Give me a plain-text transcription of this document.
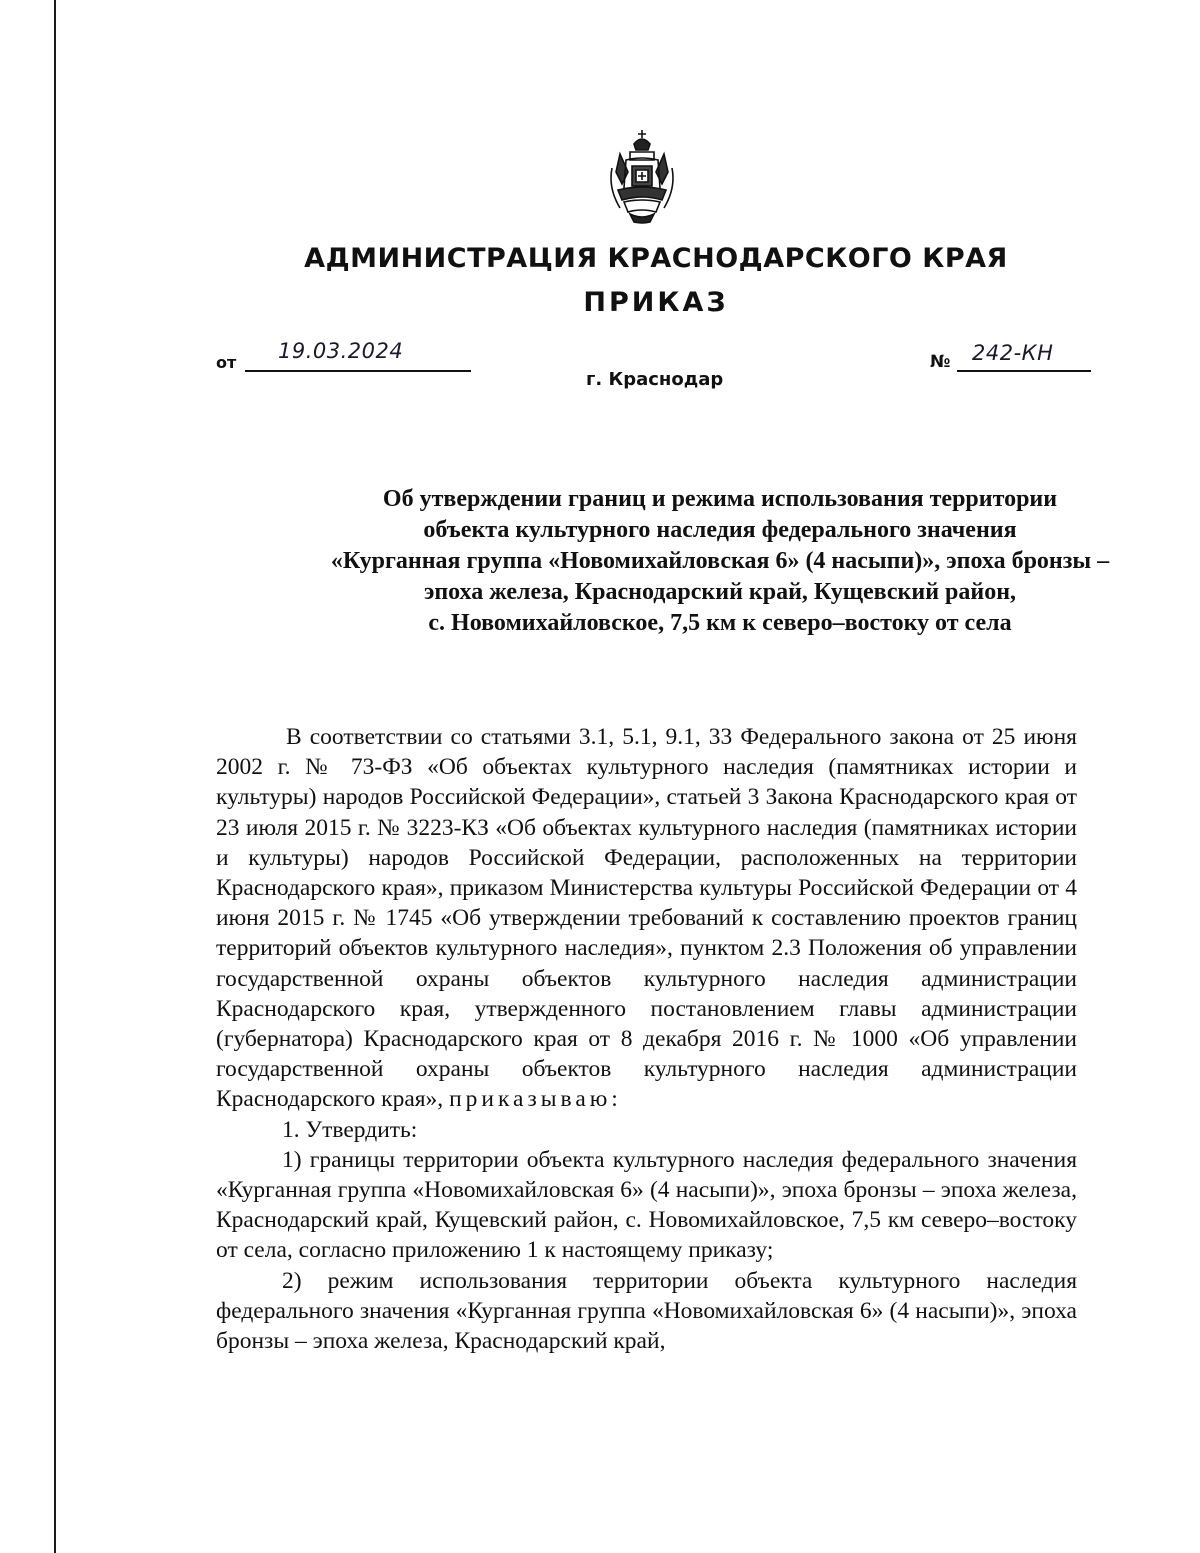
АДМИНИСТРАЦИЯ КРАСНОДАРСКОГО КРАЯ
ПРИКАЗ
от 19.03.2024	№ 242-КН
г. Краснодар
Об утверждении границ и режима использования территории
объекта культурного наследия федерального значения
«Курганная группа «Новомихайловская 6» (4 насыпи)», эпоха бронзы –
эпоха железа, Краснодарский край, Кущевский район,
с. Новомихайловское, 7,5 км к северо–востоку от села

В соответствии со статьями 3.1, 5.1, 9.1, 33 Федерального закона от 25 июня 2002 г. № 73-ФЗ «Об объектах культурного наследия (памятниках истории и культуры) народов Российской Федерации», статьей 3 Закона Краснодарского края от 23 июля 2015 г. № 3223-КЗ «Об объектах культурного наследия (памятниках истории и культуры) народов Российской Федерации, расположенных на территории Краснодарского края», приказом Министерства культуры Российской Федерации от 4 июня 2015 г. № 1745 «Об утверждении требований к составлению проектов границ территорий объектов культурного наследия», пунктом 2.3 Положения об управлении государственной охраны объектов культурного наследия администрации Краснодарского края, утвержденного постановлением главы администрации (губернатора) Краснодарского края от 8 декабря 2016 г. № 1000 «Об управлении государственной охраны объектов культурного наследия администрации Краснодарского края», приказываю:

1. Утвердить:

1) границы территории объекта культурного наследия федерального значения «Курганная группа «Новомихайловская 6» (4 насыпи)», эпоха бронзы – эпоха железа, Краснодарский край, Кущевский район, с. Новомихайловское, 7,5 км северо–востоку от села, согласно приложению 1 к настоящему приказу;

2) режим использования территории объекта культурного наследия федерального значения «Курганная группа «Новомихайловская 6» (4 насыпи)», эпоха бронзы – эпоха железа, Краснодарский край,
